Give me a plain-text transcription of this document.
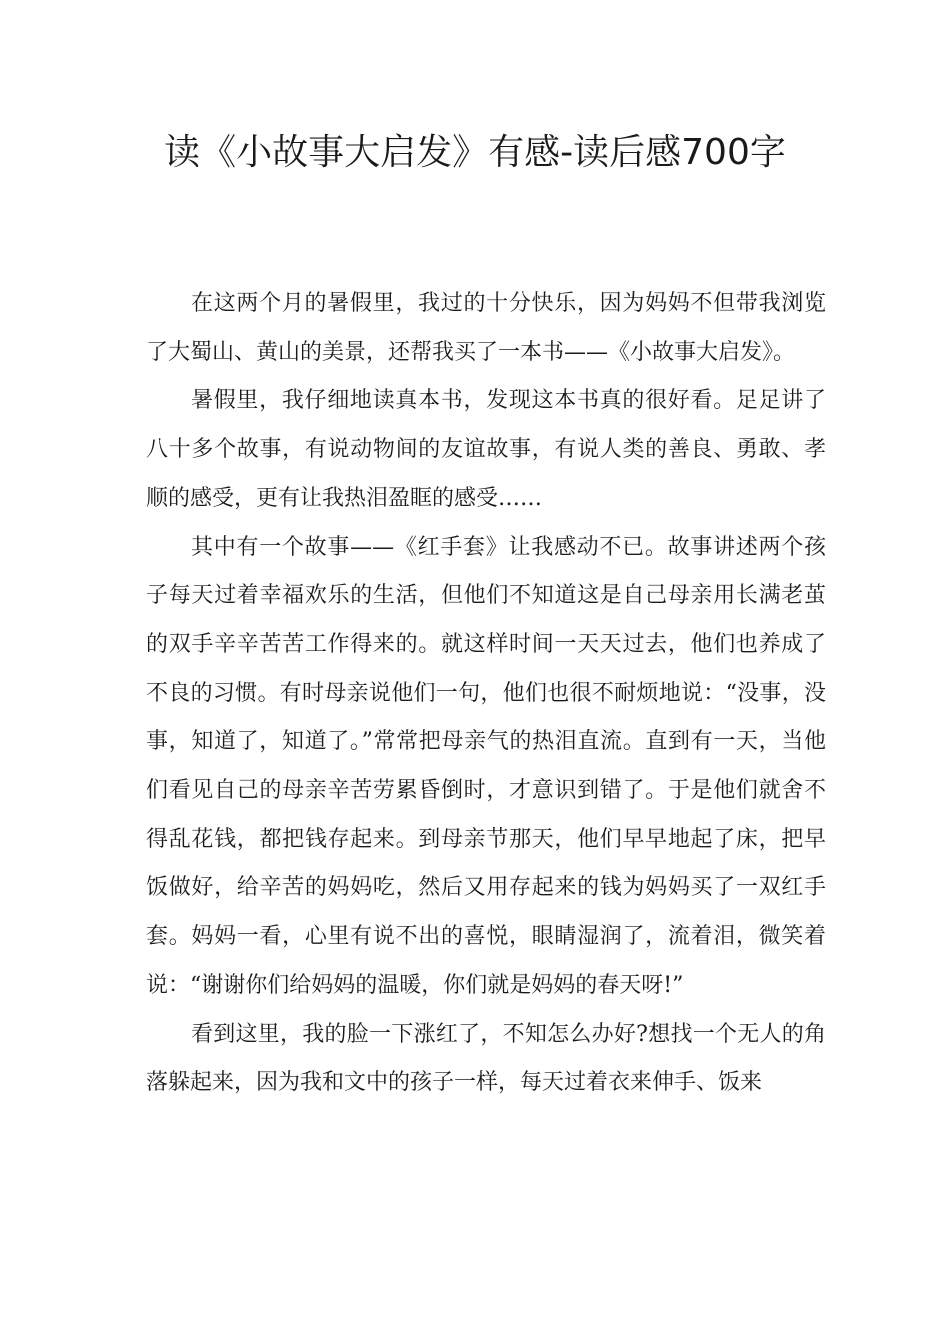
读《小故事大启发》有感-读后感700字

在这两个月的暑假里，我过的十分快乐，因为妈妈不但带我浏览了大蜀山、黄山的美景，还帮我买了一本书——《小故事大启发》。

暑假里，我仔细地读真本书，发现这本书真的很好看。足足讲了八十多个故事，有说动物间的友谊故事，有说人类的善良、勇敢、孝顺的感受，更有让我热泪盈眶的感受……

其中有一个故事——《红手套》让我感动不已。故事讲述两个孩子每天过着幸福欢乐的生活，但他们不知道这是自己母亲用长满老茧的双手辛辛苦苦工作得来的。就这样时间一天天过去，他们也养成了不良的习惯。有时母亲说他们一句，他们也很不耐烦地说：“没事，没事，知道了，知道了。”常常把母亲气的热泪直流。直到有一天，当他们看见自己的母亲辛苦劳累昏倒时，才意识到错了。于是他们就舍不得乱花钱，都把钱存起来。到母亲节那天，他们早早地起了床，把早饭做好，给辛苦的妈妈吃，然后又用存起来的钱为妈妈买了一双红手套。妈妈一看，心里有说不出的喜悦，眼睛湿润了，流着泪，微笑着说：“谢谢你们给妈妈的温暖，你们就是妈妈的春天呀!”

看到这里，我的脸一下涨红了，不知怎么办好?想找一个无人的角落躲起来，因为我和文中的孩子一样，每天过着衣来伸手、饭来
